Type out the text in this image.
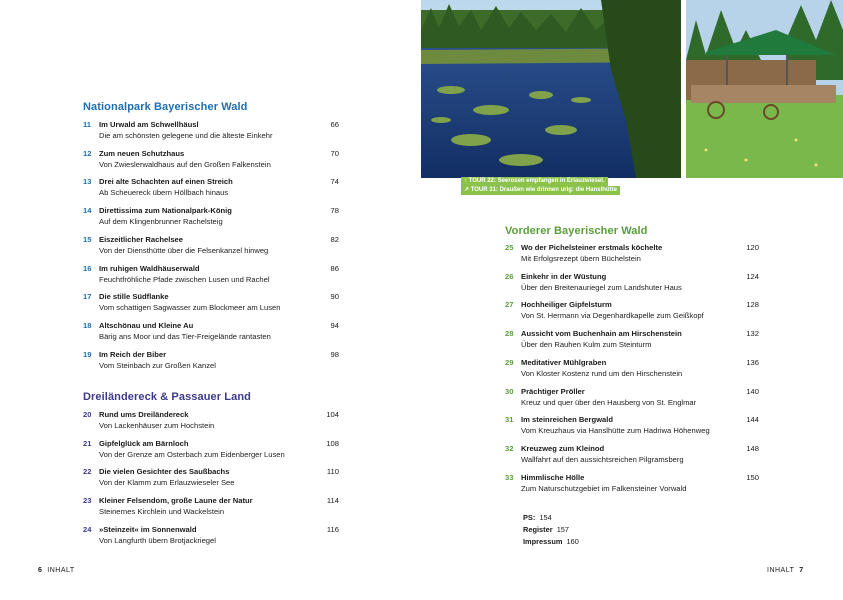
↑ TOUR 22: Seerosen empfangen in Erlauzwiesel.
↗ TOUR 31: Draußen wie drinnen urig: die Hanslhütte
Nationalpark Bayerischer Wald
11 Im Urwald am Schwellhäusl	66
Die am schönsten gelegene und die älteste Einkehr
12 Zum neuen Schutzhaus	70
Von Zwieslerwaldhaus auf den Großen Falkenstein
13 Drei alte Schachten auf einen Streich	74
Ab Scheuereck übern Höllbach hinaus
14 Direttissima zum Nationalpark-König	78
Auf dem Klingenbrunner Rachelsteig
15 Eiszeitlicher Rachelsee	82
Von der Diensthütte über die Felsenkanzel hinweg
16 Im ruhigen Waldhäuserwald	86
Feuchtfröhliche Pfade zwischen Lusen und Rachel
17 Die stille Südflanke	90
Vom schattigen Sagwasser zum Blockmeer am Lusen
18 Altschönau und Kleine Au	94
Bärig ans Moor und das Tier-Freigelände rantasten
19 Im Reich der Biber	98
Vom Steinbach zur Großen Kanzel
Dreiländereck & Passauer Land
20 Rund ums Dreiländereck	104
Von Lackenhäuser zum Hochstein
21 Gipfelglück am Bärnloch	108
Von der Grenze am Osterbach zum Eidenberger Lusen
22 Die vielen Gesichter des Saußbachs	110
Von der Klamm zum Erlauzwieseler See
23 Kleiner Felsendom, große Laune der Natur	114
Steinernes Kirchlein und Wackelstein
24 »Steinzeit« im Sonnenwald	116
Von Langfurth übern Brotjackriegel
Vorderer Bayerischer Wald
25 Wo der Pichelsteiner erstmals köchelte	120
Mit Erfolgsrezept übern Büchelstein
26 Einkehr in der Wüstung	124
Über den Breitenauriegel zum Landshuter Haus
27 Hochheiliger Gipfelsturm	128
Von St. Hermann via Degenhardkapelle zum Geißkopf
28 Aussicht vom Buchenhain am Hirschenstein	132
Über den Rauhen Kulm zum Steinturm
29 Meditativer Mühlgraben	136
Von Kloster Kostenz rund um den Hirschenstein
30 Prächtiger Pröller	140
Kreuz und quer über den Hausberg von St. Englmar
31 Im steinreichen Bergwald	144
Vom Kreuzhaus via Hanslhütte zum Hadriwa Höhenweg
32 Kreuzweg zum Kleinod	148
Wallfahrt auf den aussichtsreichen Pilgramsberg
33 Himmlische Hölle	150
Zum Naturschutzgebiet im Falkensteiner Vorwald
PS: 154
Register 157
Impressum 160
6 INHALT	INHALT 7
